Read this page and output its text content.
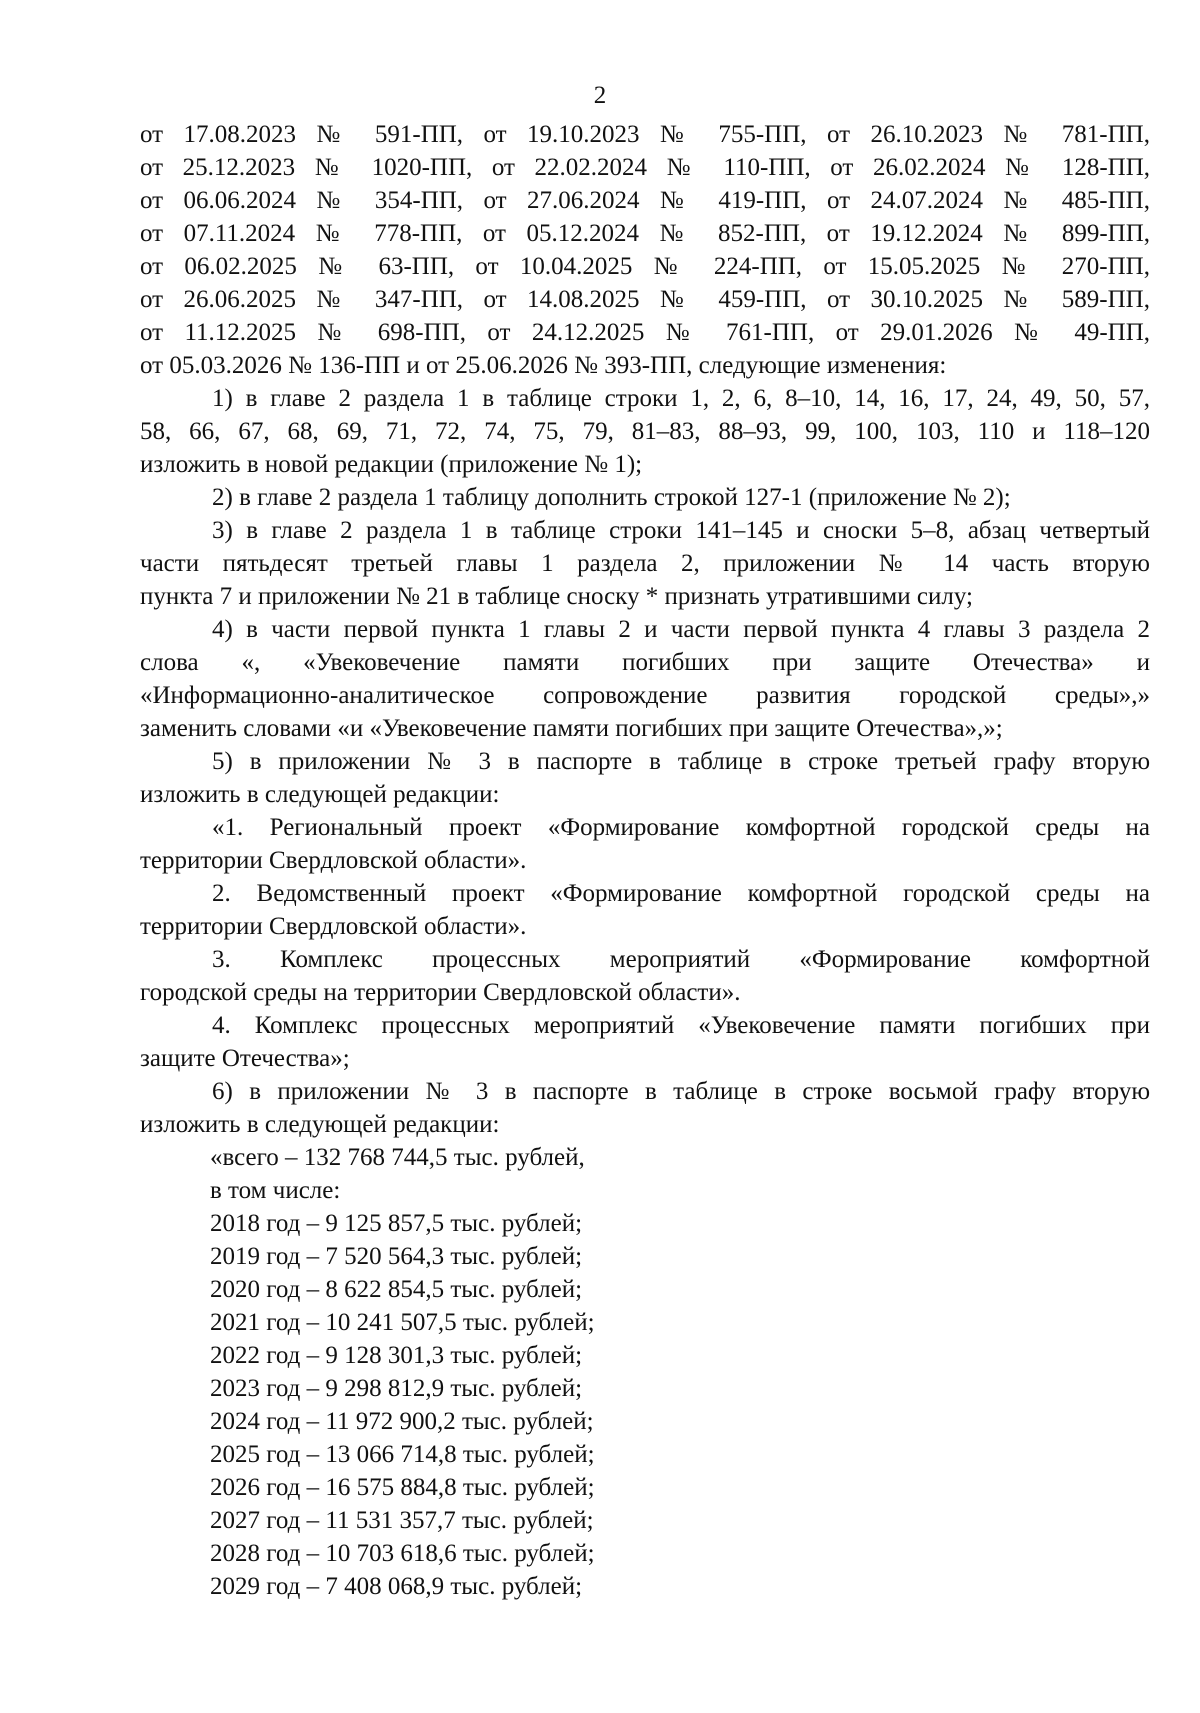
2
от 17.08.2023 № 591-ПП, от 19.10.2023 № 755-ПП, от 26.10.2023 № 781-ПП,
от 25.12.2023 № 1020-ПП, от 22.02.2024 № 110-ПП, от 26.02.2024 № 128-ПП,
от 06.06.2024 № 354-ПП, от 27.06.2024 № 419-ПП, от 24.07.2024 № 485-ПП,
от 07.11.2024 № 778-ПП, от 05.12.2024 № 852-ПП, от 19.12.2024 № 899-ПП,
от 06.02.2025 № 63-ПП, от 10.04.2025 № 224-ПП, от 15.05.2025 № 270-ПП,
от 26.06.2025 № 347-ПП, от 14.08.2025 № 459-ПП, от 30.10.2025 № 589-ПП,
от 11.12.2025 № 698-ПП, от 24.12.2025 № 761-ПП, от 29.01.2026 № 49-ПП,
от 05.03.2026 № 136-ПП и от 25.06.2026 № 393-ПП, следующие изменения:
1) в главе 2 раздела 1 в таблице строки 1, 2, 6, 8–10, 14, 16, 17, 24, 49, 50, 57,
58, 66, 67, 68, 69, 71, 72, 74, 75, 79, 81–83, 88–93, 99, 100, 103, 110 и 118–120
изложить в новой редакции (приложение № 1);
2) в главе 2 раздела 1 таблицу дополнить строкой 127-1 (приложение № 2);
3) в главе 2 раздела 1 в таблице строки 141–145 и сноски 5–8, абзац четвертый
части пятьдесят третьей главы 1 раздела 2, приложении № 14 часть вторую
пункта 7 и приложении № 21 в таблице сноску * признать утратившими силу;
4) в части первой пункта 1 главы 2 и части первой пункта 4 главы 3 раздела 2
слова «, «Увековечение памяти погибших при защите Отечества» и
«Информационно-аналитическое сопровождение развития городской среды»,»
заменить словами «и «Увековечение памяти погибших при защите Отечества»,»;
5) в приложении № 3 в паспорте в таблице в строке третьей графу вторую
изложить в следующей редакции:
«1. Региональный проект «Формирование комфортной городской среды на
территории Свердловской области».
2. Ведомственный проект «Формирование комфортной городской среды на
территории Свердловской области».
3. Комплекс процессных мероприятий «Формирование комфортной
городской среды на территории Свердловской области».
4. Комплекс процессных мероприятий «Увековечение памяти погибших при
защите Отечества»;
6) в приложении № 3 в паспорте в таблице в строке восьмой графу вторую
изложить в следующей редакции:
«всего – 132 768 744,5 тыс. рублей,
в том числе:
2018 год – 9 125 857,5 тыс. рублей;
2019 год – 7 520 564,3 тыс. рублей;
2020 год – 8 622 854,5 тыс. рублей;
2021 год – 10 241 507,5 тыс. рублей;
2022 год – 9 128 301,3 тыс. рублей;
2023 год – 9 298 812,9 тыс. рублей;
2024 год – 11 972 900,2 тыс. рублей;
2025 год – 13 066 714,8 тыс. рублей;
2026 год – 16 575 884,8 тыс. рублей;
2027 год – 11 531 357,7 тыс. рублей;
2028 год – 10 703 618,6 тыс. рублей;
2029 год – 7 408 068,9 тыс. рублей;
